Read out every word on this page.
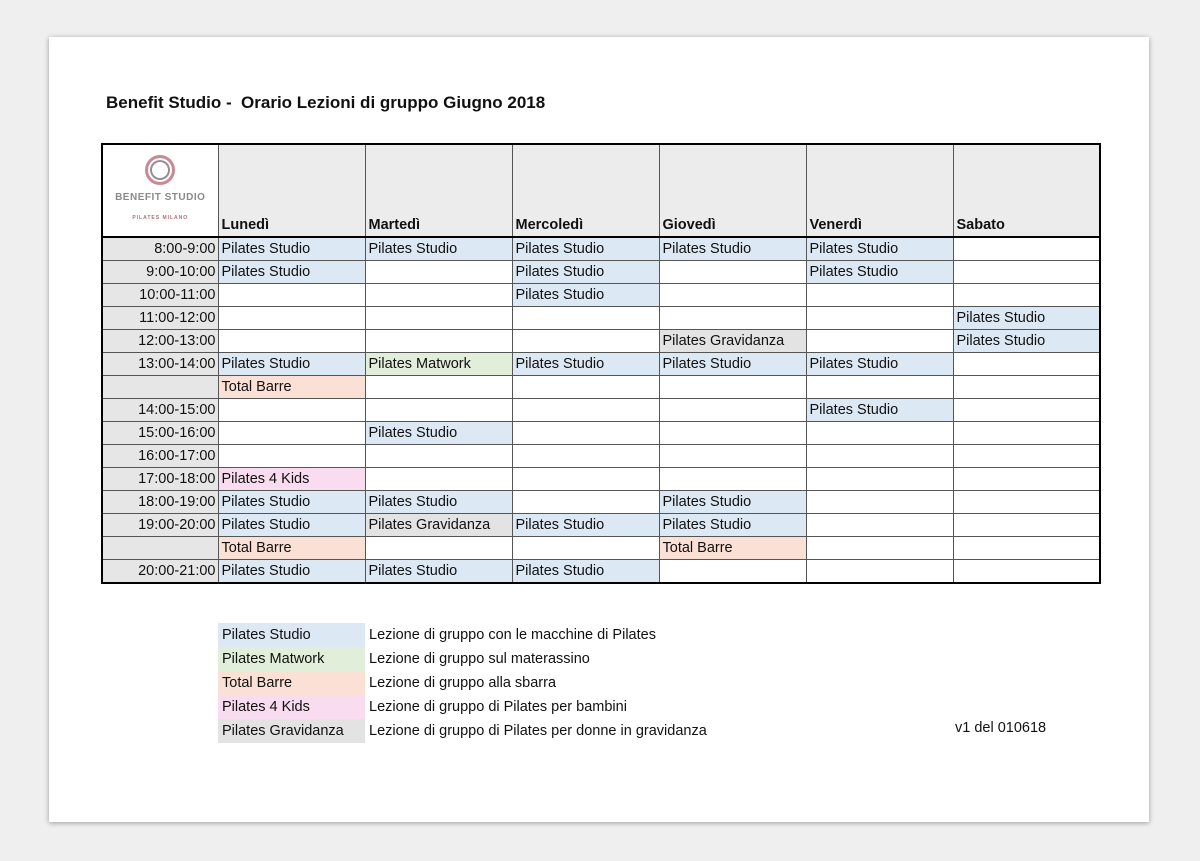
Benefit Studio -  Orario Lezioni di gruppo Giugno 2018
BENEFIT STUDIO
PILATES MILANO	Lunedì	Martedì	Mercoledì	Giovedì	Venerdì	Sabato
8:00-9:00	Pilates Studio	Pilates Studio	Pilates Studio	Pilates Studio	Pilates Studio	
9:00-10:00	Pilates Studio		Pilates Studio		Pilates Studio	
10:00-11:00			Pilates Studio			
11:00-12:00						Pilates Studio
12:00-13:00				Pilates Gravidanza		Pilates Studio
13:00-14:00	Pilates Studio	Pilates Matwork	Pilates Studio	Pilates Studio	Pilates Studio	
	Total Barre					
14:00-15:00					Pilates Studio	
15:00-16:00		Pilates Studio				
16:00-17:00						
17:00-18:00	Pilates 4 Kids					
18:00-19:00	Pilates Studio	Pilates Studio		Pilates Studio		
19:00-20:00	Pilates Studio	Pilates Gravidanza	Pilates Studio	Pilates Studio		
	Total Barre			Total Barre		
20:00-21:00	Pilates Studio	Pilates Studio	Pilates Studio			
Pilates Studio	Lezione di gruppo con le macchine di Pilates
Pilates Matwork	Lezione di gruppo sul materassino
Total Barre	Lezione di gruppo alla sbarra
Pilates 4 Kids	Lezione di gruppo di Pilates per bambini
Pilates Gravidanza	Lezione di gruppo di Pilates per donne in gravidanza	v1 del 010618
